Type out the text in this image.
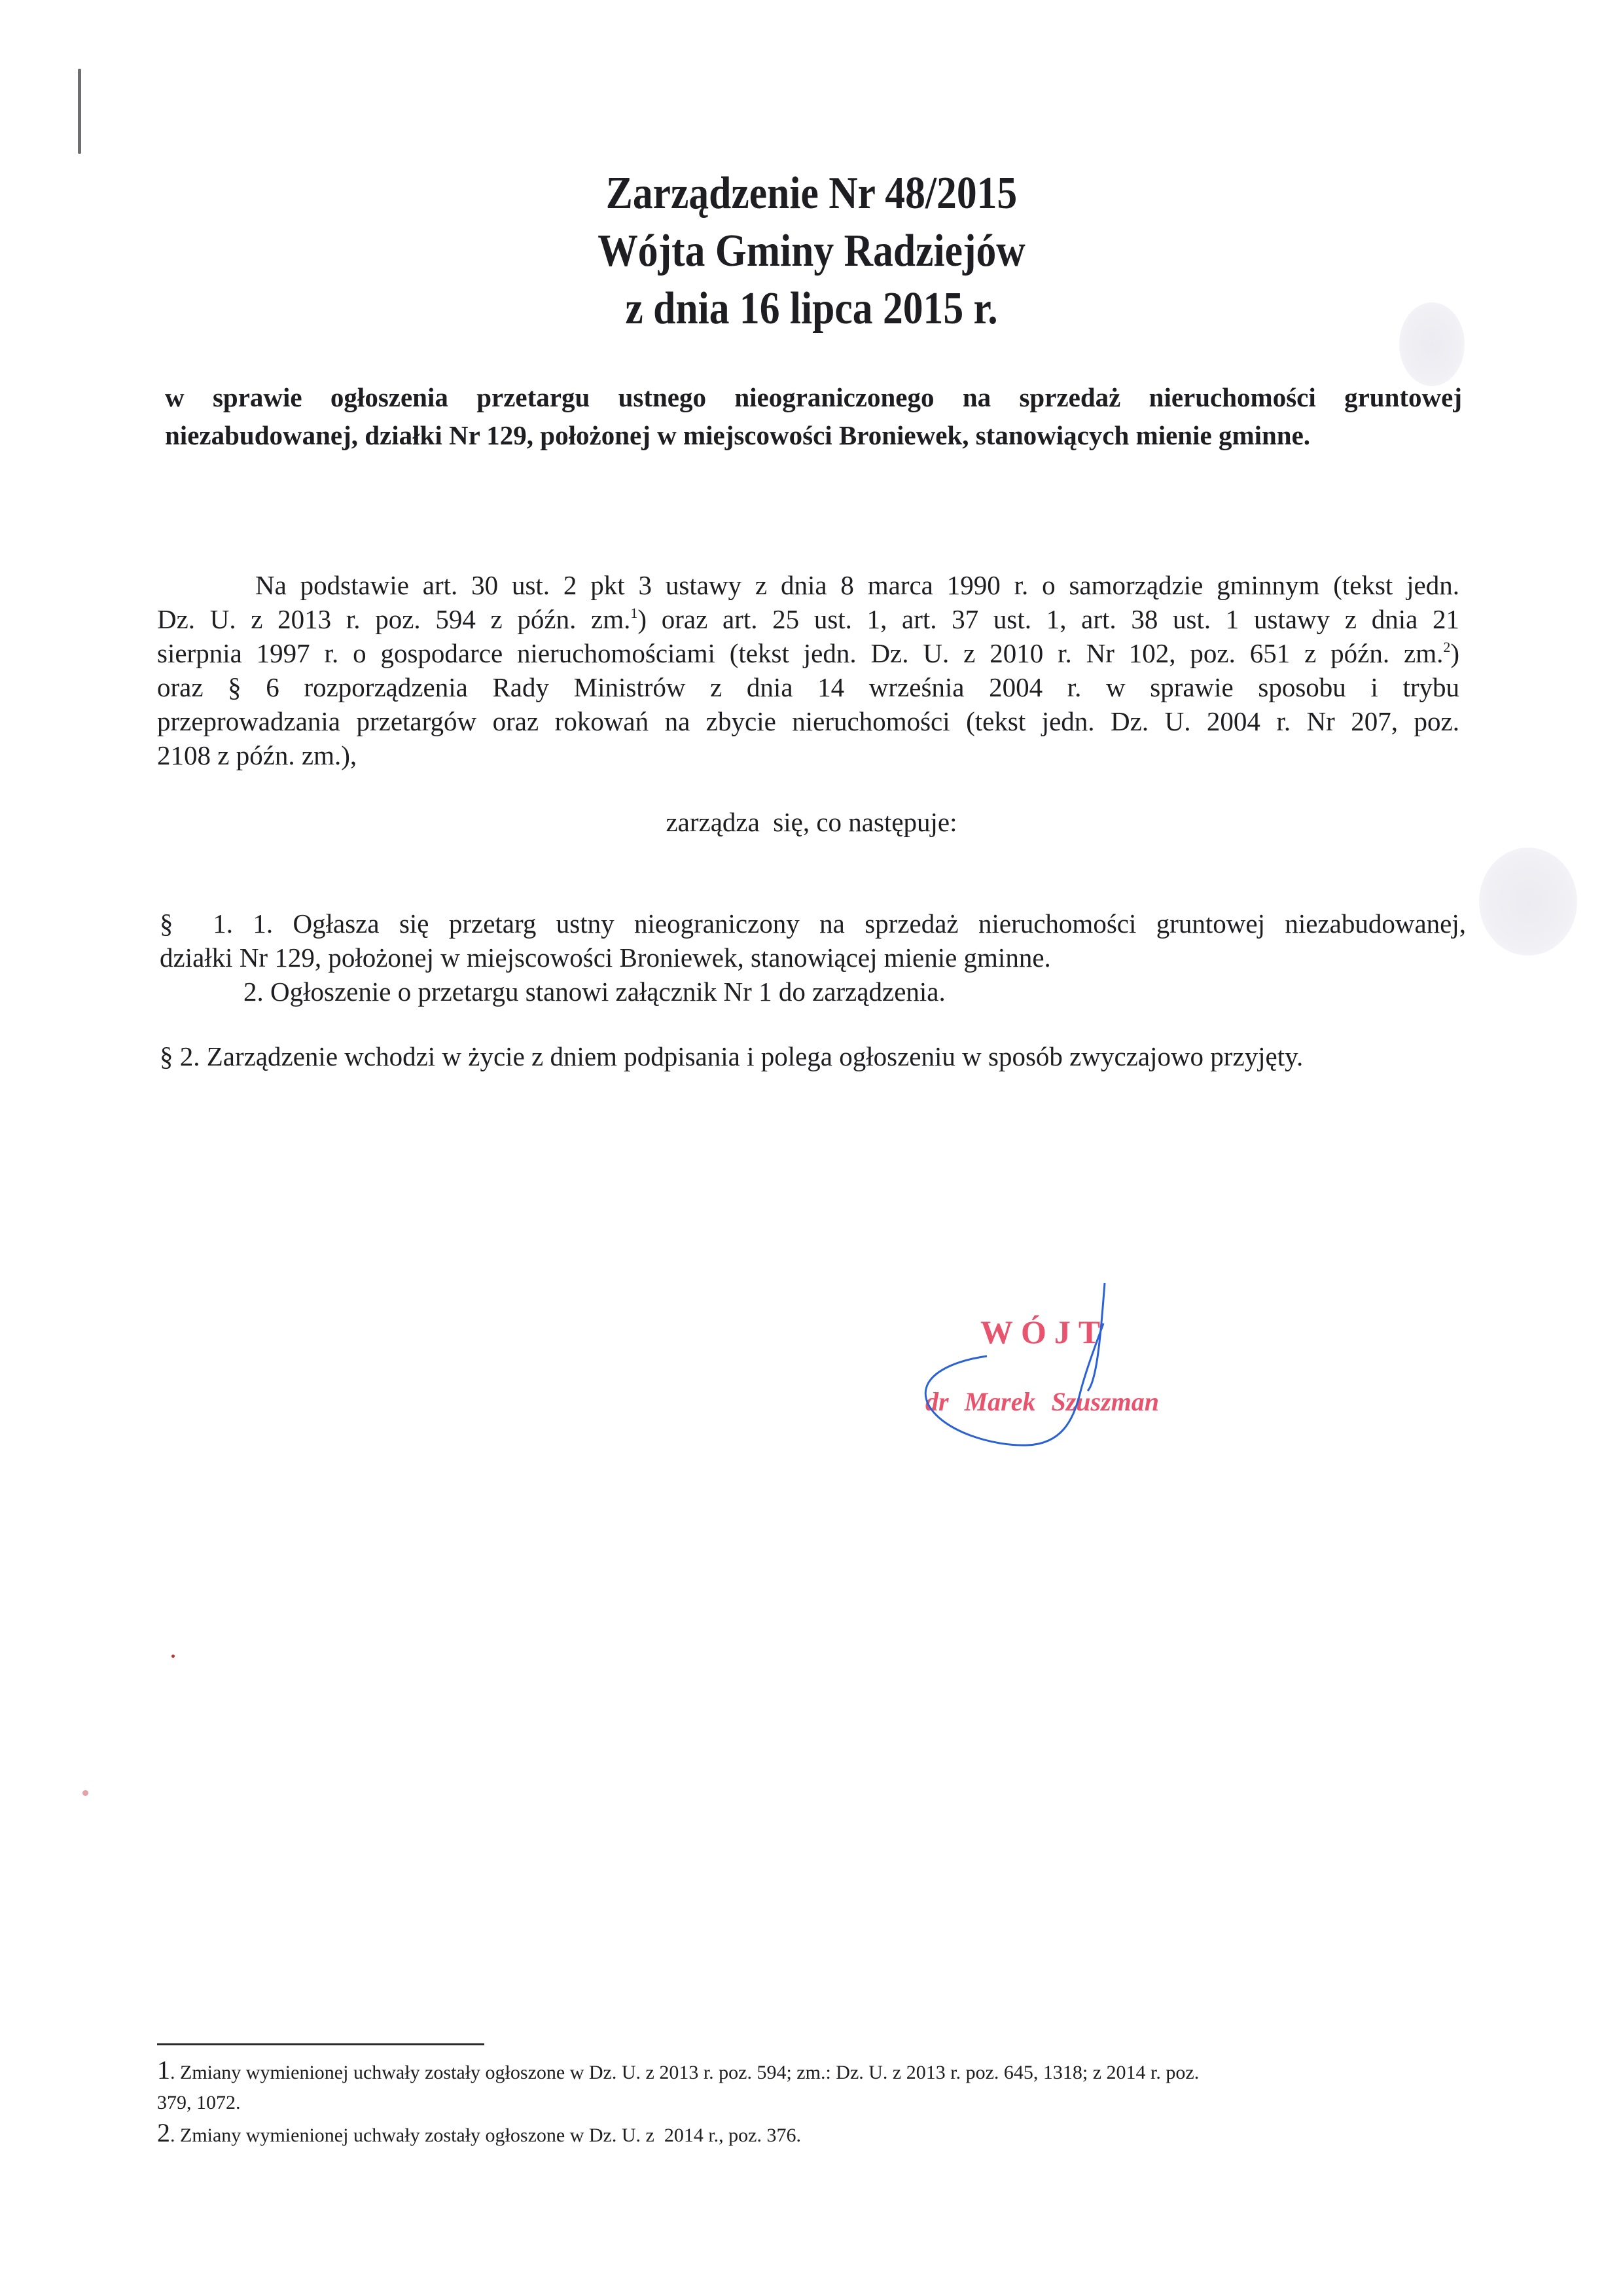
Zarządzenie Nr 48/2015
Wójta Gminy Radziejów
z dnia 16 lipca 2015 r.
w sprawie ogłoszenia przetargu ustnego nieograniczonego na sprzedaż nieruchomości gruntowej
niezabudowanej, działki Nr 129, położonej w miejscowości Broniewek, stanowiących mienie gminne.
Na podstawie art. 30 ust. 2 pkt 3 ustawy z dnia 8 marca 1990 r. o samorządzie gminnym (tekst jedn.
Dz. U. z 2013 r. poz. 594 z późn. zm.$^1$) oraz art. 25 ust. 1, art. 37 ust. 1, art. 38 ust. 1 ustawy z dnia 21
sierpnia 1997 r. o gospodarce nieruchomościami (tekst jedn. Dz. U. z 2010 r. Nr 102, poz. 651 z późn. zm.$^2$)
oraz § 6 rozporządzenia Rady Ministrów z dnia 14 września 2004 r. w sprawie sposobu i trybu
przeprowadzania przetargów oraz rokowań na zbycie nieruchomości (tekst jedn. Dz. U. 2004 r. Nr 207, poz.
2108 z późn. zm.),
zarządza  się, co następuje:
§  1. 1. Ogłasza się przetarg ustny nieograniczony na sprzedaż nieruchomości gruntowej niezabudowanej,
działki Nr 129, położonej w miejscowości Broniewek, stanowiącej mienie gminne.
2. Ogłoszenie o przetargu stanowi załącznik Nr 1 do zarządzenia.
§ 2. Zarządzenie wchodzi w życie z dniem podpisania i polega ogłoszeniu w sposób zwyczajowo przyjęty.
WÓJT
dr Marek Szuszman
1. Zmiany wymienionej uchwały zostały ogłoszone w Dz. U. z 2013 r. poz. 594; zm.: Dz. U. z 2013 r. poz. 645, 1318; z 2014 r. poz.
379, 1072.
2. Zmiany wymienionej uchwały zostały ogłoszone w Dz. U. z  2014 r., poz. 376.
